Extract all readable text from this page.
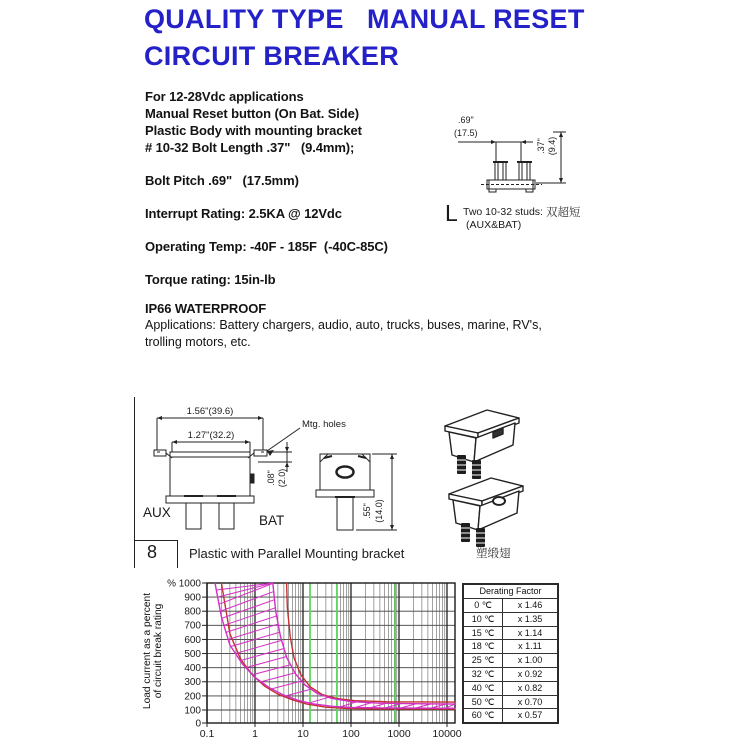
QUALITY TYPE   MANUAL RESET
CIRCUIT BREAKER
For 12-28Vdc applications
Manual Reset button (On Bat. Side)
Plastic Body with mounting bracket
# 10-32 Bolt Length .37"   (9.4mm);
Bolt Pitch .69"   (17.5mm)
Interrupt Rating: 2.5KA @ 12Vdc
Operating Temp: -40F - 185F  (-40C-85C)
Torque rating: 15in-lb
IP66 WATERPROOF
Applications: Battery chargers, audio, auto, trucks, buses, marine, RV's,
trolling motors, etc.
.69"
(17.5)
.37" (9.4)
L Two 10-32 studs: 双超短
(AUX&BAT)
1.56"(39.6)
1.27"(32.2)
Mtg. holes
.08" (2.0)
.55" (14.0)
AUX
BAT
8 Plastic with Parallel Mounting bracket	塑缎翅
Load current as a percent of circuit break rating
0
100
200
300
400
500
600
700
800
900
% 1000
0.1	1	10	100	1000 10000
Derating Factor
0 ℃	x 1.46
10 ℃	x 1.35
15 ℃	x 1.14
18 ℃	x 1.11
25 ℃	x 1.00
32 ℃	x 0.92
40 ℃	x 0.82
50 ℃	x 0.70
60 ℃	x 0.57
